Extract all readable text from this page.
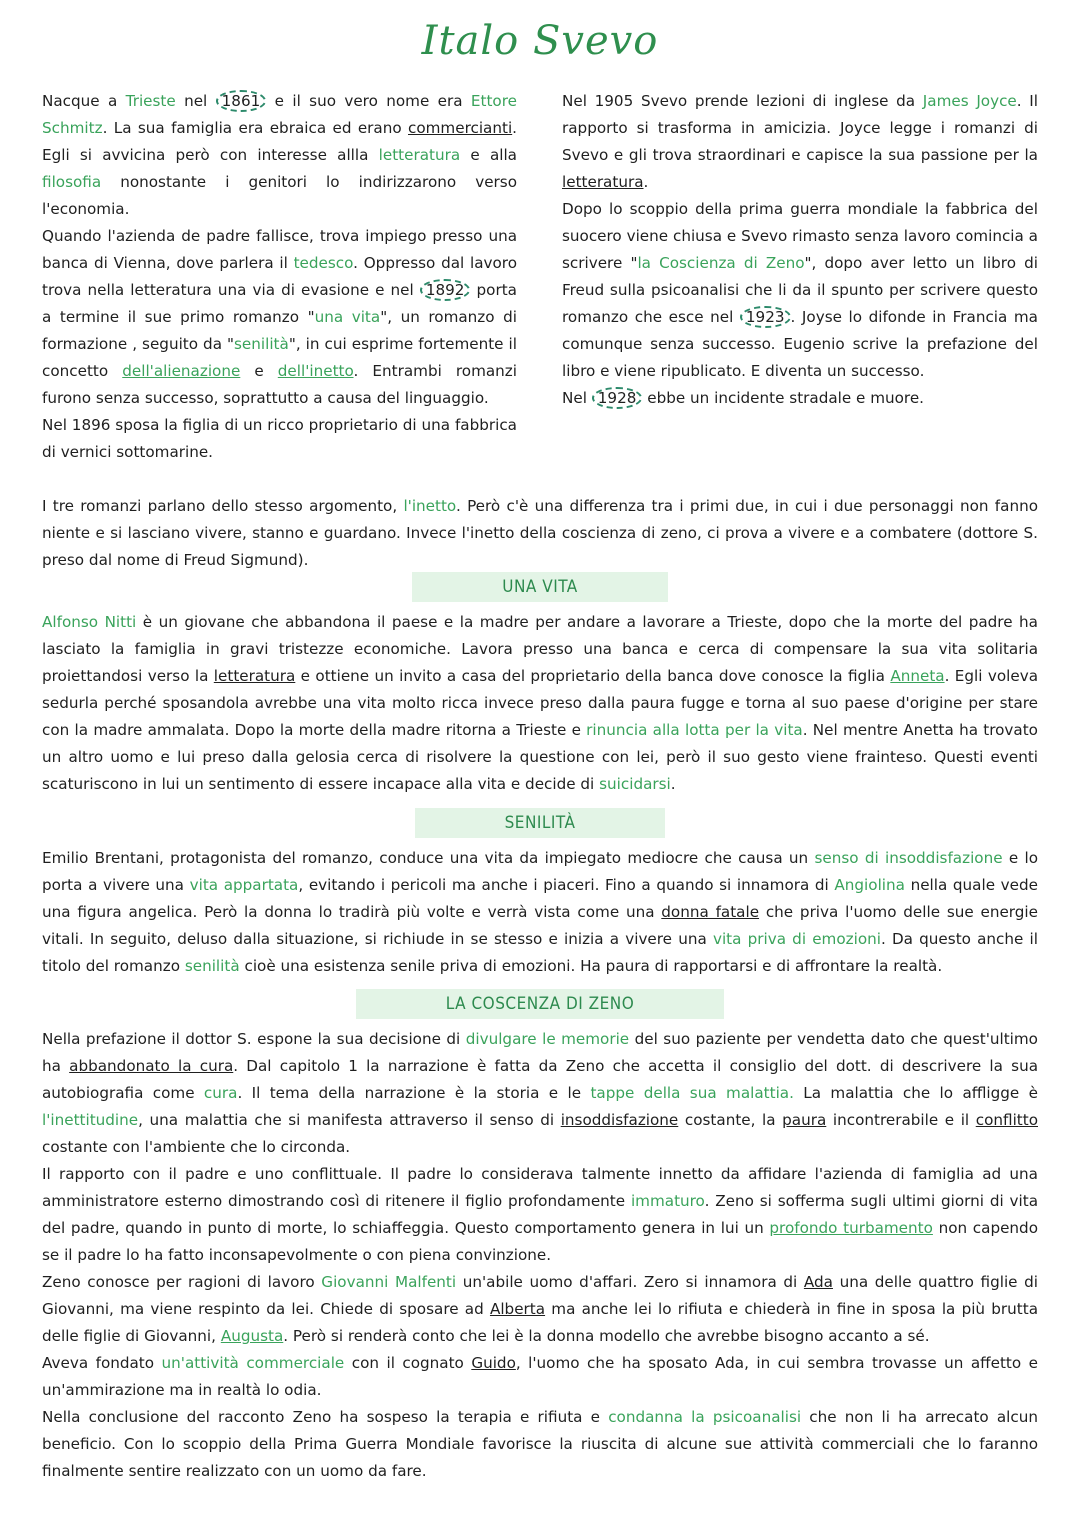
Italo Svevo

Nacque a Trieste nel 1861 e il suo vero nome era Ettore Schmitz. La sua famiglia era ebraica ed erano commercianti. Egli si avvicina però con interesse allla letteratura e alla filosofia nonostante i genitori lo indirizzarono verso l'economia.

Quando l'azienda de padre fallisce, trova impiego presso una banca di Vienna, dove parlera il tedesco. Oppresso dal lavoro trova nella letteratura una via di evasione e nel 1892 porta a termine il sue primo romanzo "una vita", un romanzo di formazione , seguito da "senilità", in cui esprime fortemente il concetto dell'alienazione e dell'inetto. Entrambi romanzi furono senza successo, soprattutto a causa del linguaggio.

Nel 1896 sposa la figlia di un ricco proprietario di una fabbrica di vernici sottomarine.

Nel 1905 Svevo prende lezioni di inglese da James Joyce. Il rapporto si trasforma in amicizia. Joyce legge i romanzi di Svevo e gli trova straordinari e capisce la sua passione per la letteratura.

Dopo lo scoppio della prima guerra mondiale la fabbrica del suocero viene chiusa e Svevo rimasto senza lavoro comincia a scrivere "la Coscienza di Zeno", dopo aver letto un libro di Freud sulla psicoanalisi che li da il spunto per scrivere questo romanzo che esce nel 1923 . Joyse lo difonde in Francia ma comunque senza successo. Eugenio scrive la prefazione del libro e viene ripublicato. E diventa un successo.

Nel 1928 ebbe un incidente stradale e muore.

I tre romanzi parlano dello stesso argomento, l'inetto. Però c'è una differenza tra i primi due, in cui i due personaggi non fanno niente e si lasciano vivere, stanno e guardano. Invece l'inetto della coscienza di zeno, ci prova a vivere e a combatere (dottore S. preso dal nome di Freud Sigmund).

UNA VITA

Alfonso Nitti è un giovane che abbandona il paese e la madre per andare a lavorare a Trieste, dopo che la morte del padre ha lasciato la famiglia in gravi tristezze economiche. Lavora presso una banca e cerca di compensare la sua vita solitaria proiettandosi verso la letteratura e ottiene un invito a casa del proprietario della banca dove conosce la figlia Anneta. Egli voleva sedurla perché sposandola avrebbe una vita molto ricca invece preso dalla paura fugge e torna al suo paese d'origine per stare con la madre ammalata. Dopo la morte della madre ritorna a Trieste e rinuncia alla lotta per la vita. Nel mentre Anetta ha trovato un altro uomo e lui preso dalla gelosia cerca di risolvere la questione con lei, però il suo gesto viene frainteso. Questi eventi scaturiscono in lui un sentimento di essere incapace alla vita e decide di suicidarsi.

SENILITÀ

Emilio Brentani, protagonista del romanzo, conduce una vita da impiegato mediocre che causa un senso di insoddisfazione e lo porta a vivere una vita appartata, evitando i pericoli ma anche i piaceri. Fino a quando si innamora di Angiolina nella quale vede una figura angelica. Però la donna lo tradirà più volte e verrà vista come una donna fatale che priva l'uomo delle sue energie vitali. In seguito, deluso dalla situazione, si richiude in se stesso e inizia a vivere una vita priva di emozioni. Da questo anche il titolo del romanzo senilità cioè una esistenza senile priva di emozioni. Ha paura di rapportarsi e di affrontare la realtà.

LA COSCENZA DI ZENO

Nella prefazione il dottor S. espone la sua decisione di divulgare le memorie del suo paziente per vendetta dato che quest'ultimo ha abbandonato la cura. Dal capitolo 1 la narrazione è fatta da Zeno che accetta il consiglio del dott. di descrivere la sua autobiografia come cura. Il tema della narrazione è la storia e le tappe della sua malattia. La malattia che lo affligge è l'inettitudine, una malattia che si manifesta attraverso il senso di insoddisfazione costante, la paura incontrerabile e il conflitto costante con l'ambiente che lo circonda.

Il rapporto con il padre e uno conflittuale. Il padre lo considerava talmente innetto da affidare l'azienda di famiglia ad una amministratore esterno dimostrando così di ritenere il figlio profondamente immaturo. Zeno si sofferma sugli ultimi giorni di vita del padre, quando in punto di morte, lo schiaffeggia. Questo comportamento genera in lui un profondo turbamento non capendo se il padre lo ha fatto inconsapevolmente o con piena convinzione.

Zeno conosce per ragioni di lavoro Giovanni Malfenti un'abile uomo d'affari. Zero si innamora di Ada una delle quattro figlie di Giovanni, ma viene respinto da lei. Chiede di sposare ad Alberta ma anche lei lo rifiuta e chiederà in fine in sposa la più brutta delle figlie di Giovanni, Augusta. Però si renderà conto che lei è la donna modello che avrebbe bisogno accanto a sé.

Aveva fondato un'attività commerciale con il cognato Guido, l'uomo che ha sposato Ada, in cui sembra trovasse un affetto e un'ammirazione ma in realtà lo odia.

Nella conclusione del racconto Zeno ha sospeso la terapia e rifiuta e condanna la psicoanalisi che non li ha arrecato alcun beneficio. Con lo scoppio della Prima Guerra Mondiale favorisce la riuscita di alcune sue attività commerciali che lo faranno finalmente sentire realizzato con un uomo da fare.
